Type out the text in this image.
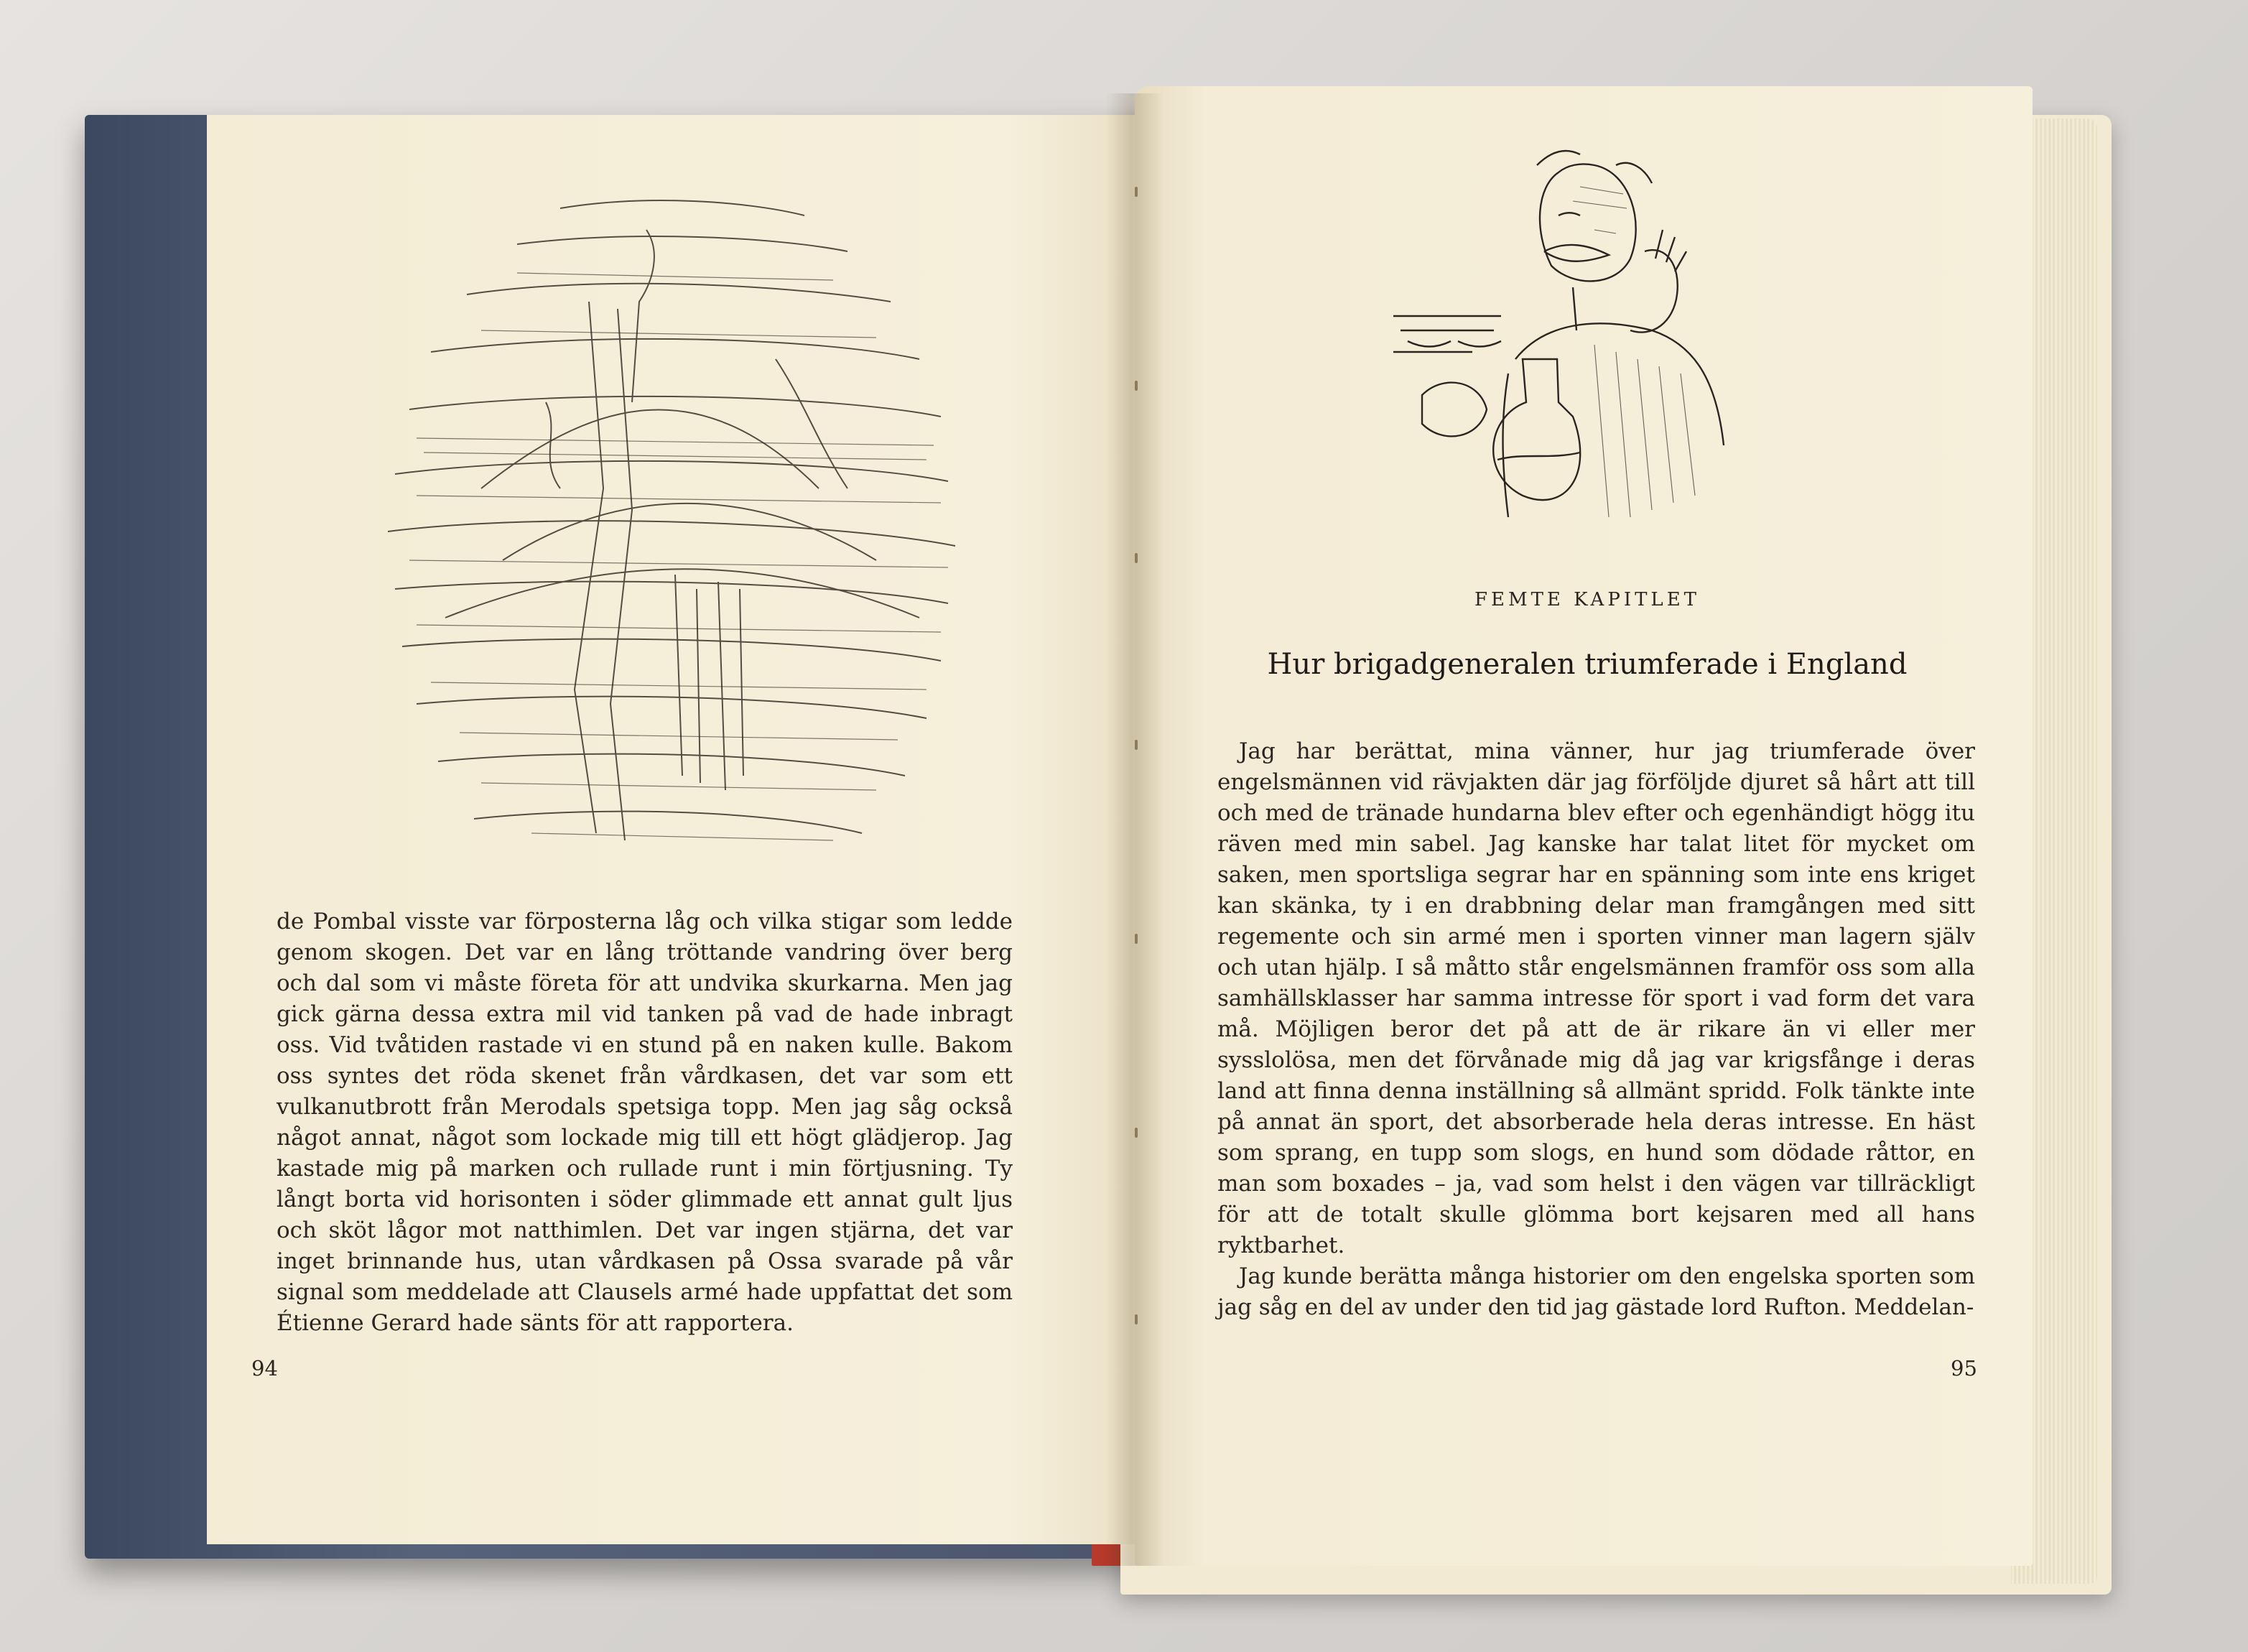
de Pombal visste var förposterna låg och vilka stigar som ledde genom skogen. Det var en lång tröttande vandring över berg och dal som vi måste företa för att undvika skurkarna. Men jag gick gärna dessa extra mil vid tanken på vad de hade inbragt oss. Vid tvåtiden rastade vi en stund på en naken kulle. Bakom oss syntes det röda skenet från vårdkasen, det var som ett vulkanutbrott från Merodals spetsiga topp. Men jag såg också något annat, något som lockade mig till ett högt glädjerop. Jag kastade mig på marken och rullade runt i min förtjusning. Ty långt borta vid horisonten i söder glimmade ett annat gult ljus och sköt lågor mot natthimlen. Det var ingen stjärna, det var inget brinnande hus, utan vårdkasen på Ossa svarade på vår signal som meddelade att Clausels armé hade uppfattat det som Étienne Gerard hade sänts för att rapportera.

94
FEMTE KAPITLET
Hur brigadgeneralen triumferade i England

Jag har berättat, mina vänner, hur jag triumferade över engelsmännen vid rävjakten där jag förföljde djuret så hårt att till och med de tränade hundarna blev efter och egenhändigt högg itu räven med min sabel. Jag kanske har talat litet för mycket om saken, men sportsliga segrar har en spänning som inte ens kriget kan skänka, ty i en drabbning delar man framgången med sitt regemente och sin armé men i sporten vinner man lagern själv och utan hjälp. I så måtto står engelsmännen framför oss som alla samhällsklasser har samma intresse för sport i vad form det vara må. Möjligen beror det på att de är rikare än vi eller mer sysslolösa, men det förvånade mig då jag var krigsfånge i deras land att finna denna inställning så allmänt spridd. Folk tänkte inte på annat än sport, det absorberade hela deras intresse. En häst som sprang, en tupp som slogs, en hund som dödade råttor, en man som boxades – ja, vad som helst i den vägen var tillräckligt för att de totalt skulle glömma bort kejsaren med all hans ryktbarhet.

Jag kunde berätta många historier om den engelska sporten som jag såg en del av under den tid jag gästade lord Rufton. Meddelan-

95
